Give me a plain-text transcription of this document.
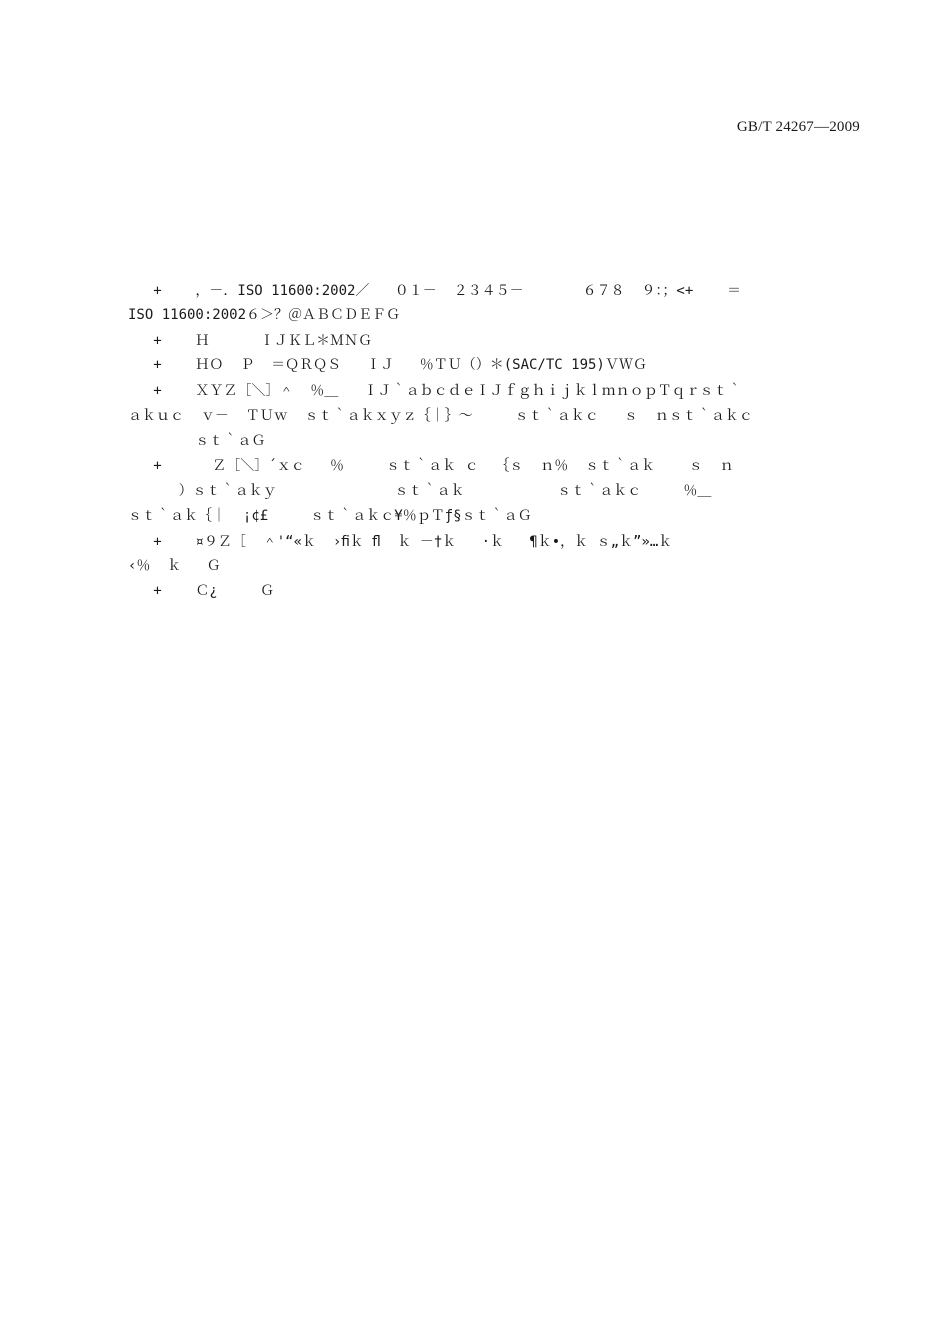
GB/T 24267—2009
+    ，－．ISO 11600:2002／   ０１－  ２３４５－       ６７８  ９：；<+    ＝
ISO 11600:2002６＞？＠ＡＢＣＤＥＦＧ
+    Ｈ      ＩＪＫＬ＊ＭＮＧ
+    ＨＯ  Ｐ  ＝ＱＲＱＳ   ＩＪ   ％ＴＵ（）＊(SAC/TC 195)ＶＷＧ
+    ＸＹＺ［＼］＾  ％＿   ＩＪ｀ａｂｃｄｅＩＪｆｇｈｉｊｋｌｍｎｏｐＴｑｒｓｔ｀
ａｋｕｃ  ｖ－  ＴＵｗ  ｓｔ｀ａｋｘｙｚ｛｜｝～     ｓｔ｀ａｋｃ   ｓ  ｎｓｔ｀ａｋｃ
ｓｔ｀ａＧ
+      Ｚ［＼］´ｘｃ   ％     ｓｔ｀ａｋ ｃ  ｛ｓ  ｎ％  ｓｔ｀ａｋ    ｓ  ｎ
）ｓｔ｀ａｋｙ              ｓｔ｀ａｋ           ｓｔ｀ａｋｃ     ％＿
ｓｔ｀ａｋ｛｜  ¡¢£     ｓｔ｀ａｋｃ¥％ｐＴƒ§ｓｔ｀ａＧ
+    ¤９Ｚ［  ＾'“«ｋ  ›ﬁｋ ﬂ  ｋ －†ｋ   ·ｋ   ¶ｋ•，ｋ ｓ„ｋ”»…ｋ
‹％  ｋ   Ｇ
+    Ｃ¿     Ｇ
